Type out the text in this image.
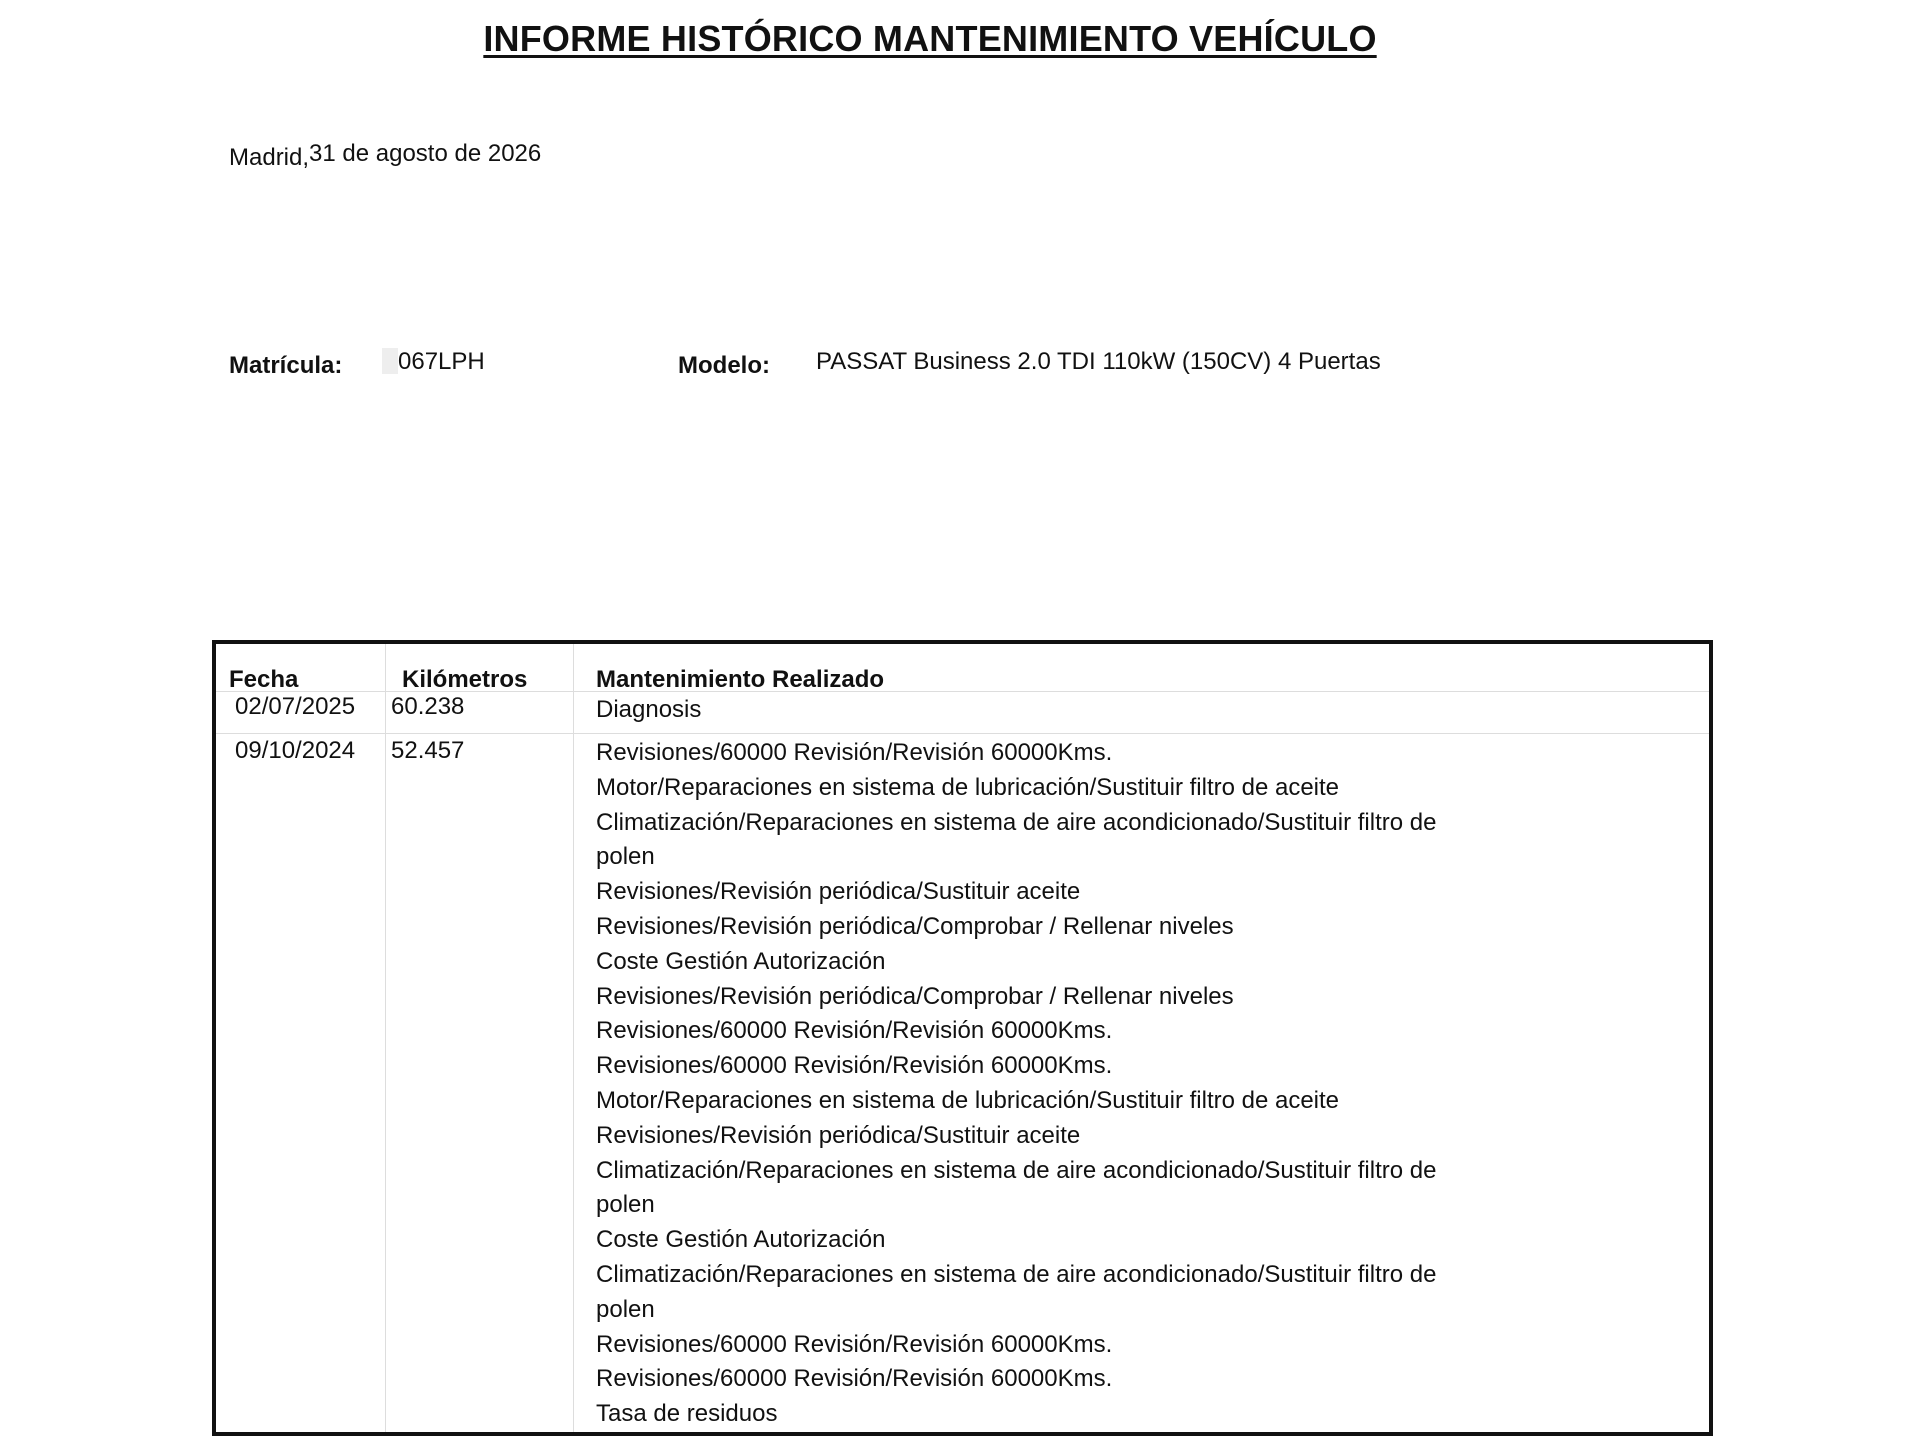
INFORME HISTÓRICO MANTENIMIENTO VEHÍCULO
Madrid,31 de agosto de 2026
Matrícula: 067LPH	Modelo: PASSAT Business 2.0 TDI 110kW (150CV) 4 Puertas
Fecha	Kilómetros	Mantenimiento Realizado
02/07/2025 60.238	Diagnosis
09/10/2024 52.457	Revisiones/60000 Revisión/Revisión 60000Kms.
Motor/Reparaciones en sistema de lubricación/Sustituir filtro de aceite
Climatización/Reparaciones en sistema de aire acondicionado/Sustituir filtro de
polen
Revisiones/Revisión periódica/Sustituir aceite
Revisiones/Revisión periódica/Comprobar / Rellenar niveles
Coste Gestión Autorización
Revisiones/Revisión periódica/Comprobar / Rellenar niveles
Revisiones/60000 Revisión/Revisión 60000Kms.
Revisiones/60000 Revisión/Revisión 60000Kms.
Motor/Reparaciones en sistema de lubricación/Sustituir filtro de aceite
Revisiones/Revisión periódica/Sustituir aceite
Climatización/Reparaciones en sistema de aire acondicionado/Sustituir filtro de
polen
Coste Gestión Autorización
Climatización/Reparaciones en sistema de aire acondicionado/Sustituir filtro de
polen
Revisiones/60000 Revisión/Revisión 60000Kms.
Revisiones/60000 Revisión/Revisión 60000Kms.
Tasa de residuos
